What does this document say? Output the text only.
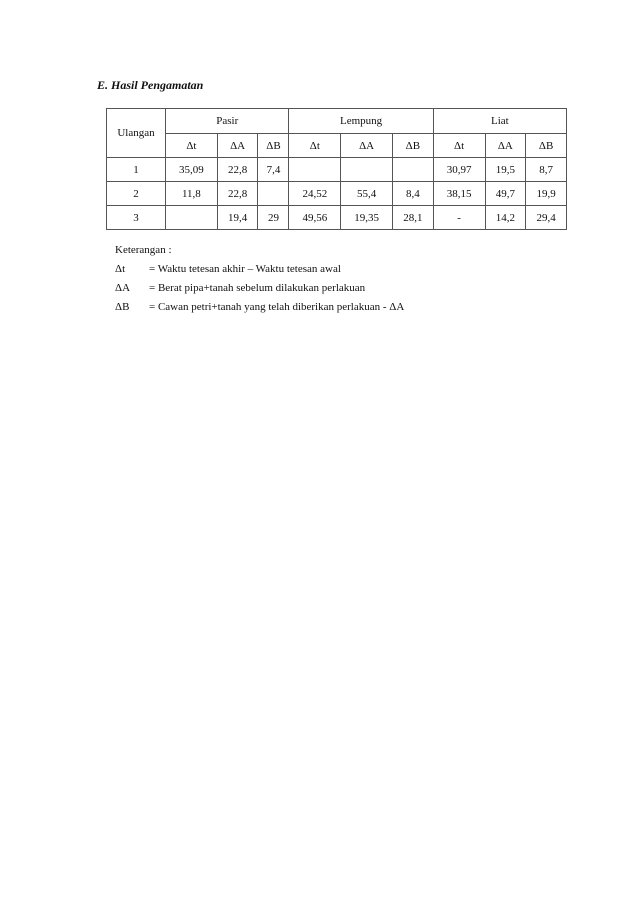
E. Hasil Pengamatan
Ulangan	Pasir			Lempung			Liat		
	Δt	ΔA	ΔB	Δt	ΔA	ΔB	Δt	ΔA	ΔB
1	35,09	22,8	7,4				30,97	19,5	8,7
2	11,8	22,8		24,52	55,4	8,4	38,15	49,7	19,9
3		19,4	29	49,56	19,35	28,1	-	14,2	29,4
Keterangan :
Δt	= Waktu tetesan akhir – Waktu tetesan awal
ΔA	= Berat pipa+tanah sebelum dilakukan perlakuan
ΔB	= Cawan petri+tanah yang telah diberikan perlakuan - ΔA
